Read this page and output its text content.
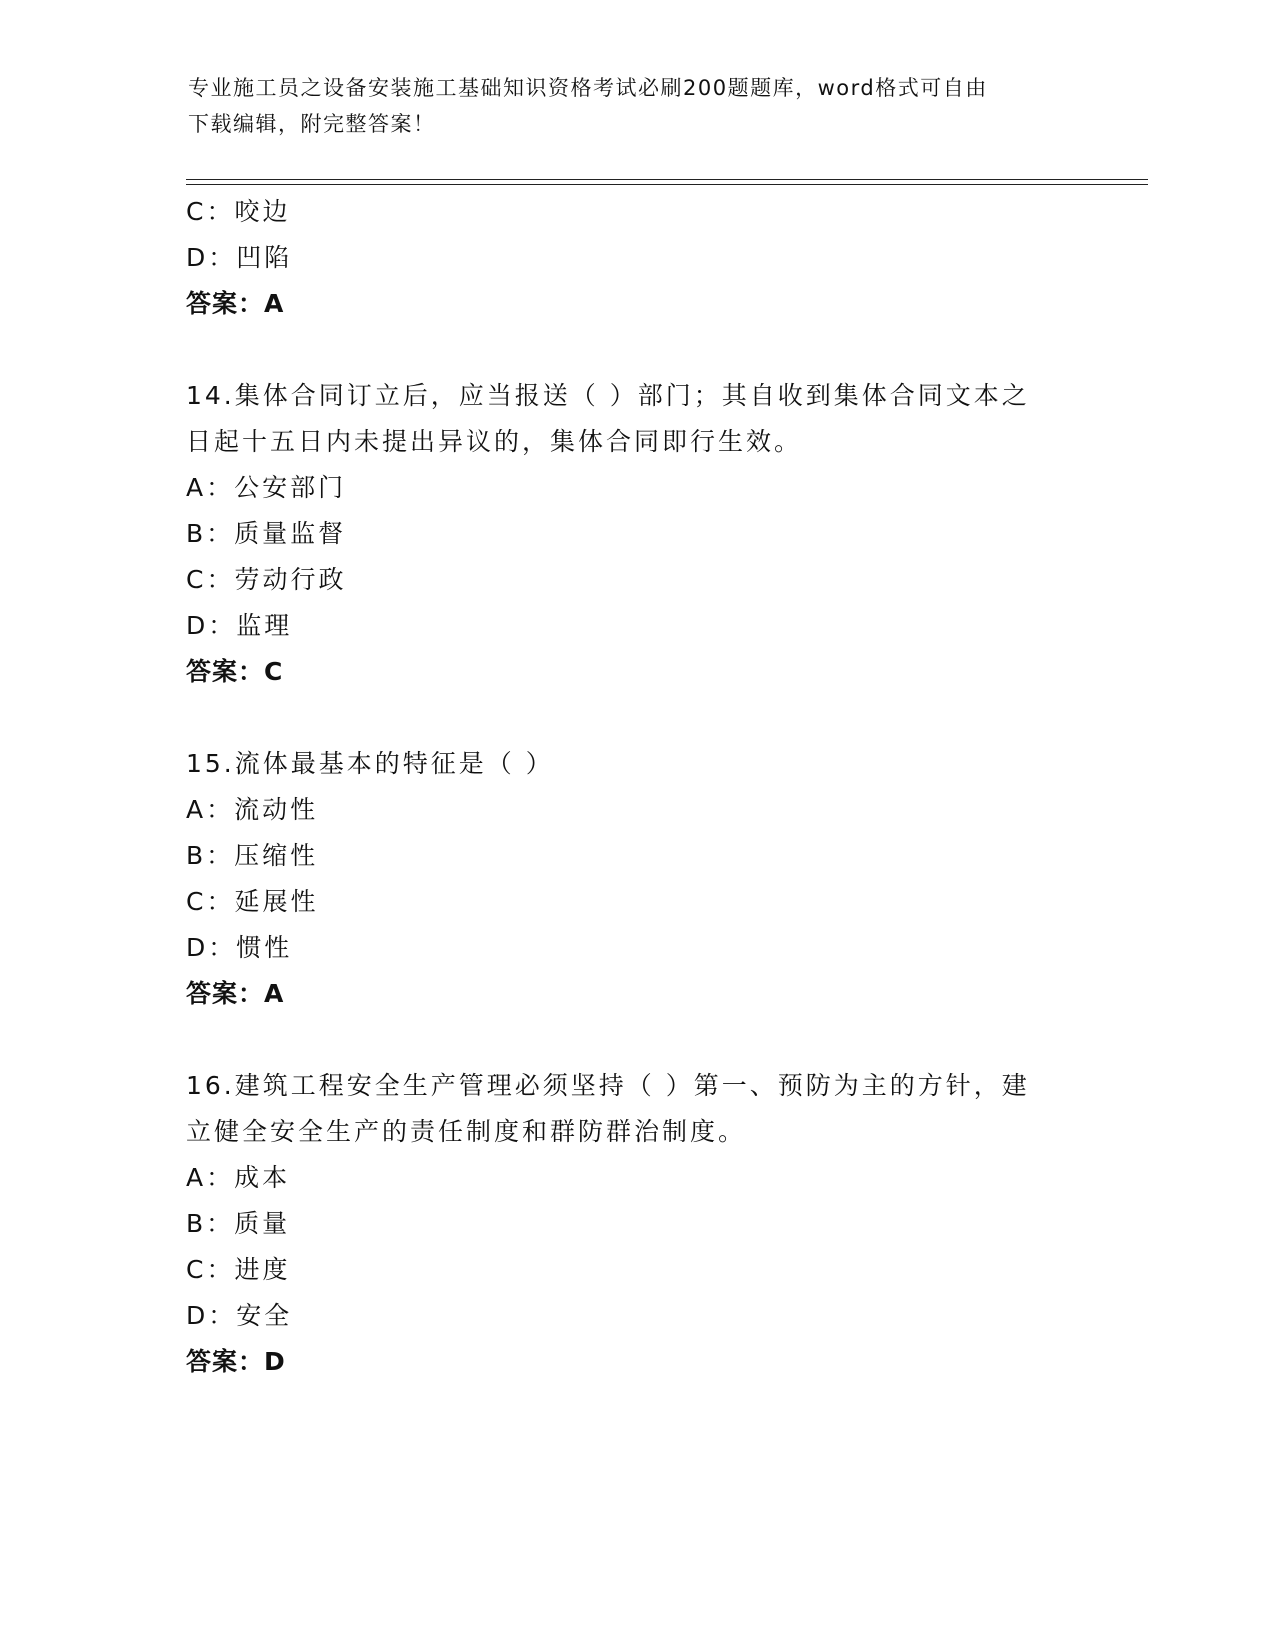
专业施工员之设备安装施工基础知识资格考试必刷200题题库，word格式可自由
下载编辑，附完整答案！
C：咬边
D：凹陷
答案：A
14.集体合同订立后，应当报送（ ）部门；其自收到集体合同文本之
日起十五日内未提出异议的，集体合同即行生效。
A：公安部门
B：质量监督
C：劳动行政
D：监理
答案：C
15.流体最基本的特征是（ ）
A：流动性
B：压缩性
C：延展性
D：惯性
答案：A
16.建筑工程安全生产管理必须坚持（ ）第一、预防为主的方针，建
立健全安全生产的责任制度和群防群治制度。
A：成本
B：质量
C：进度
D：安全
答案：D
